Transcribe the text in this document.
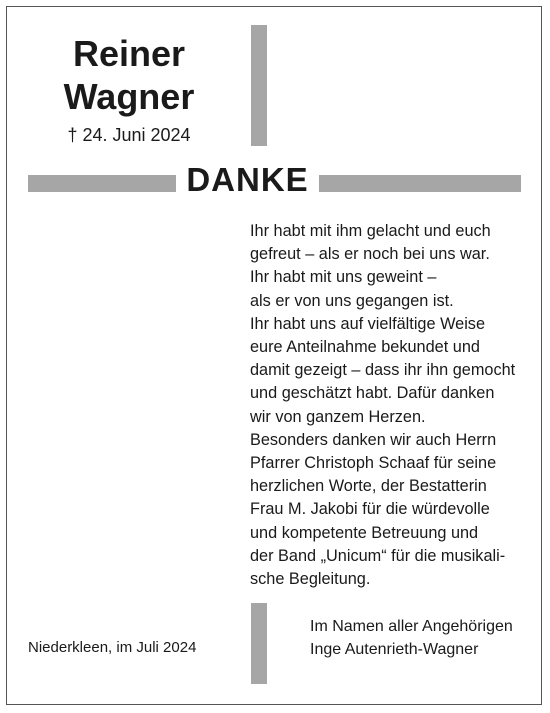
Reiner
Wagner
† 24. Juni 2024
DANKE
Ihr habt mit ihm gelacht und euch
gefreut – als er noch bei uns war.
Ihr habt mit uns geweint –
als er von uns gegangen ist.
Ihr habt uns auf vielfältige Weise
eure Anteilnahme bekundet und
damit gezeigt – dass ihr ihn gemocht
und geschätzt habt. Dafür danken
wir von ganzem Herzen.
Besonders danken wir auch Herrn
Pfarrer Christoph Schaaf für seine
herzlichen Worte, der Bestatterin
Frau M. Jakobi für die würdevolle
und kompetente Betreuung und
der Band „Unicum“ für die musikali-
sche Begleitung.
Niederkleen, im Juli 2024
Im Namen aller Angehörigen
Inge Autenrieth-Wagner
